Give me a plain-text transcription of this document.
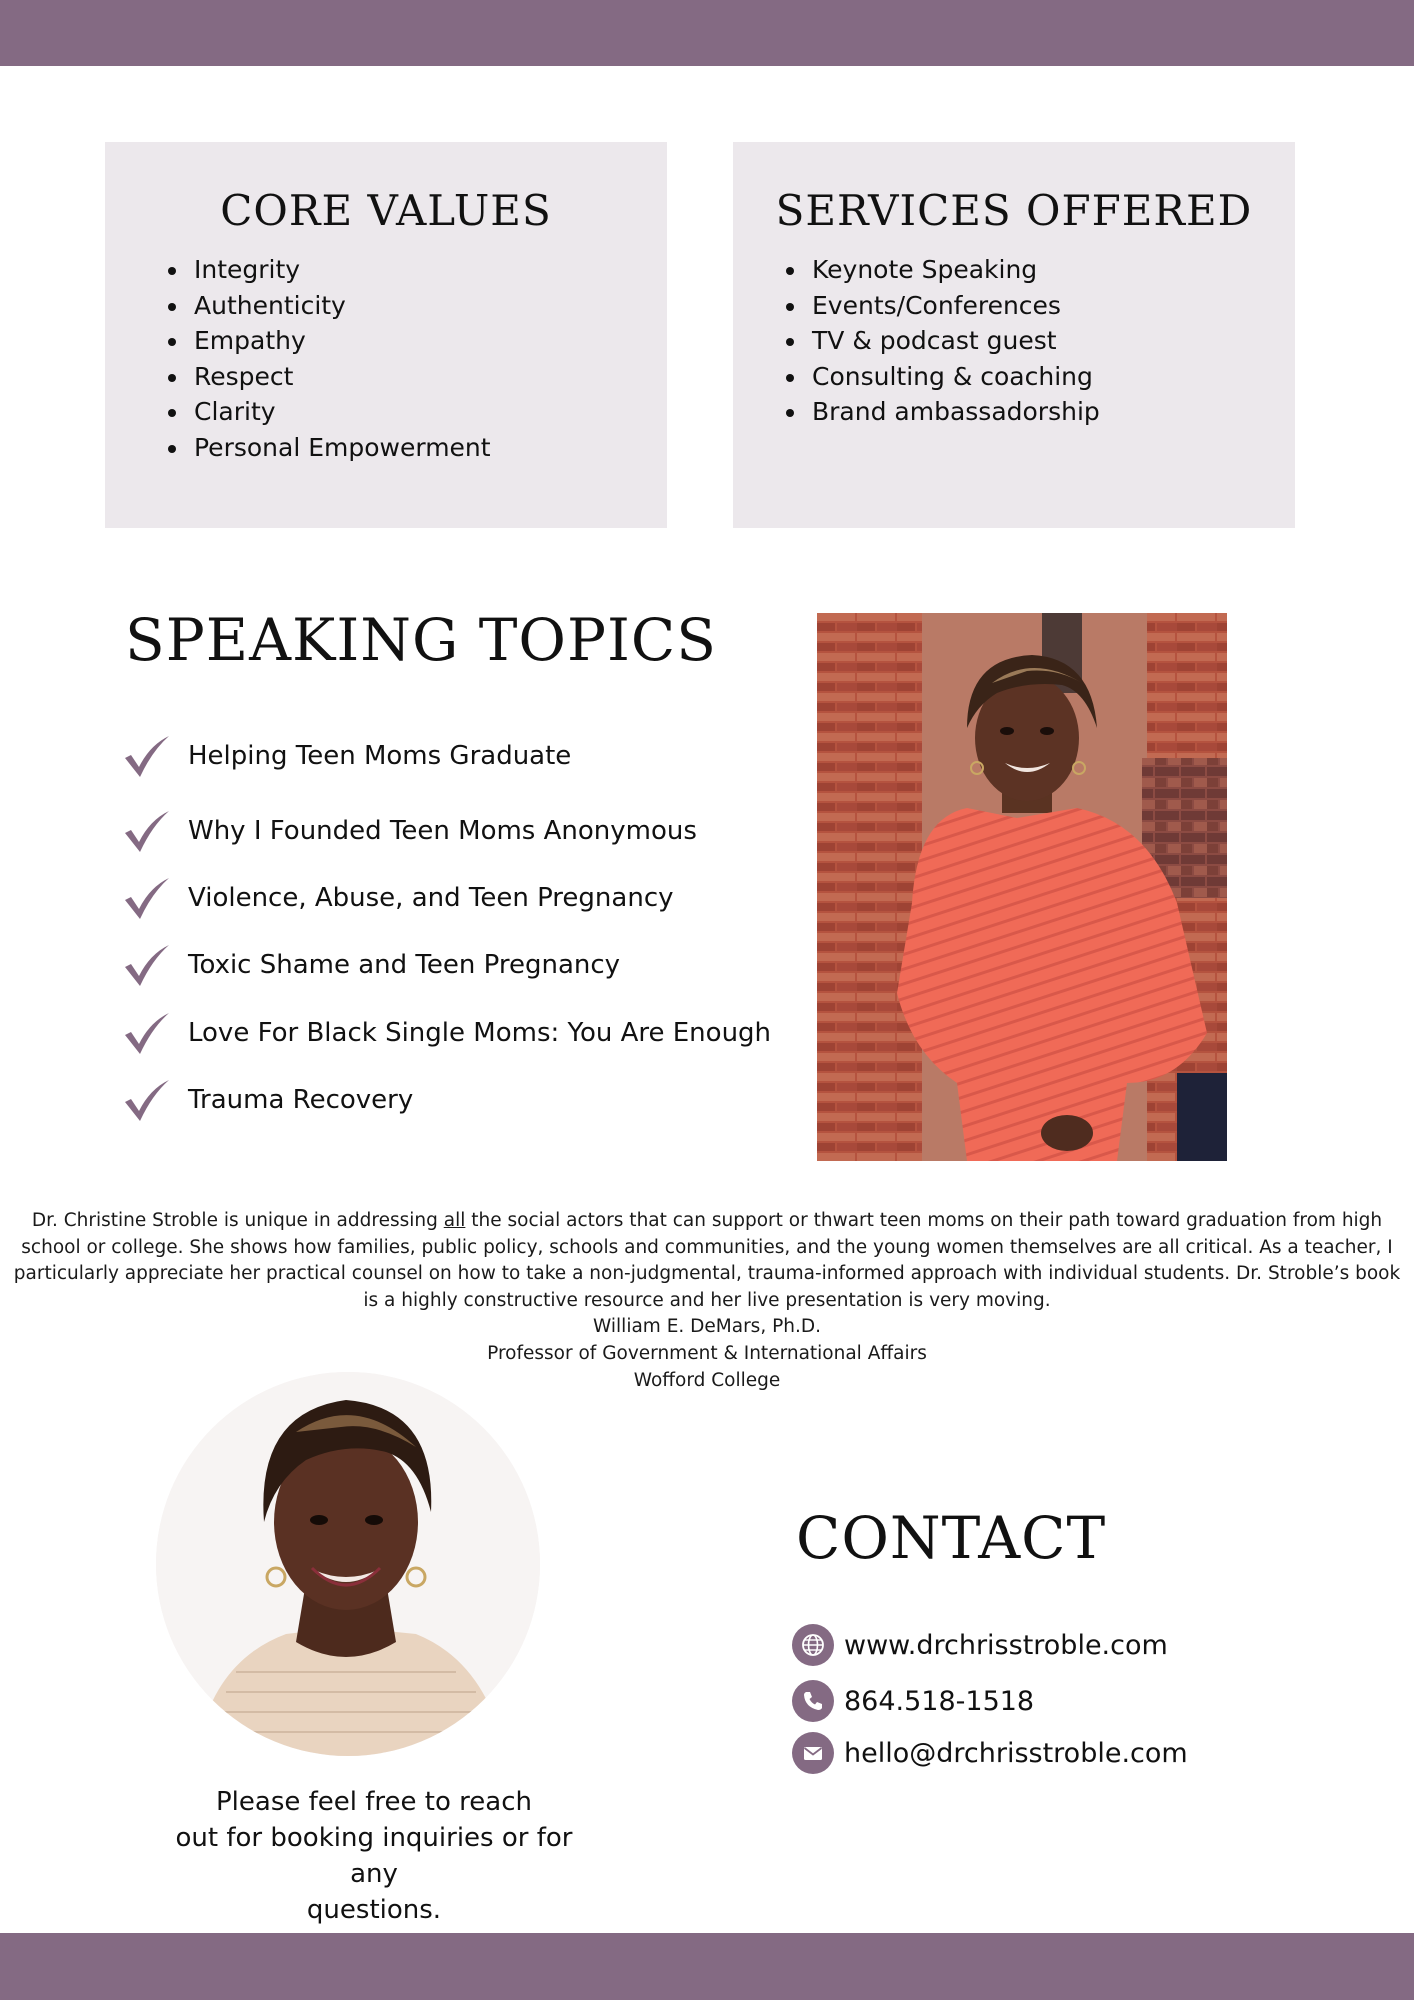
CORE VALUES
• Integrity
• Authenticity
• Empathy
• Respect
• Clarity
• Personal Empowerment
SERVICES OFFERED
• Keynote Speaking
• Events/Conferences
• TV & podcast guest
• Consulting & coaching
• Brand ambassadorship
SPEAKING TOPICS
Helping Teen Moms Graduate
Why I Founded Teen Moms Anonymous
Violence, Abuse, and Teen Pregnancy
Toxic Shame and Teen Pregnancy
Love For Black Single Moms: You Are Enough
Trauma Recovery
Dr. Christine Stroble is unique in addressing all the social actors that can support or thwart teen moms on their path toward graduation from high school or college. She shows how families, public policy, schools and communities, and the young women themselves are all critical. As a teacher, I particularly appreciate her practical counsel on how to take a non-judgmental, trauma-informed approach with individual students. Dr. Stroble’s book is a highly constructive resource and her live presentation is very moving.
William E. DeMars, Ph.D.
Professor of Government & International Affairs
Wofford College
Please feel free to reach
out for booking inquiries or for any
questions.
CONTACT
www.drchrisstroble.com
864.518-1518
hello@drchrisstroble.com
